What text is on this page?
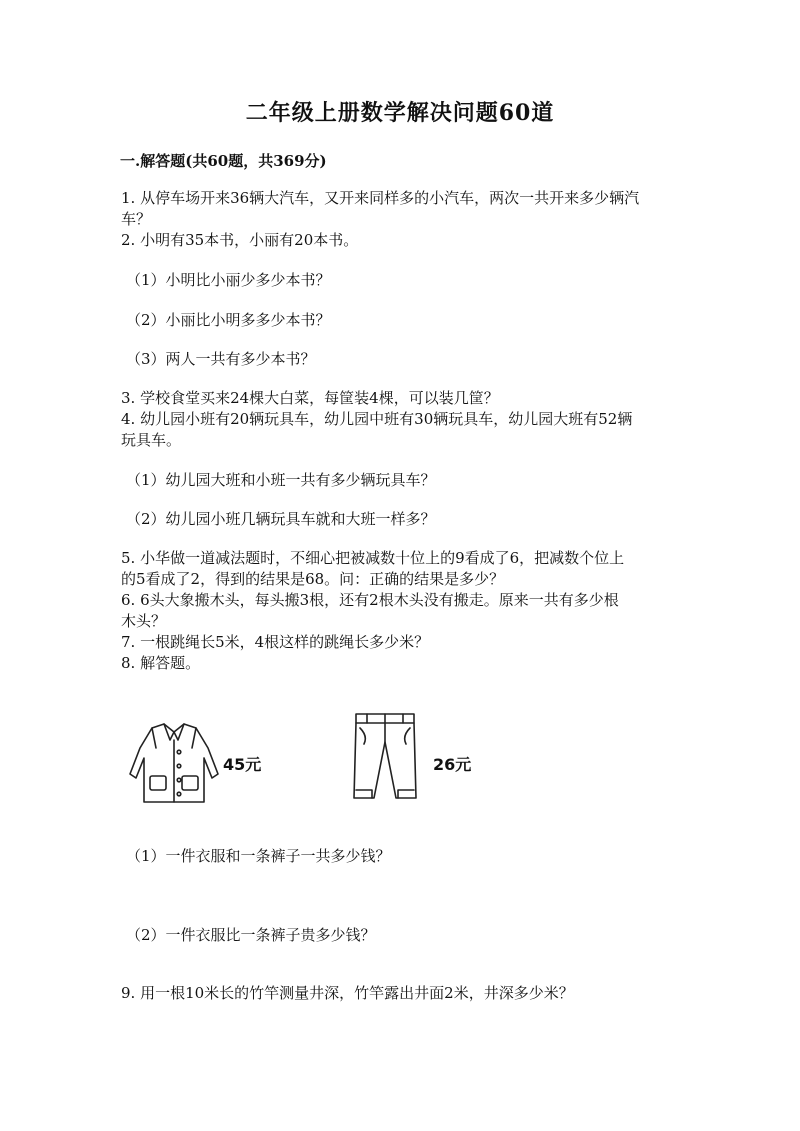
二年级上册数学解决问题60道
一.解答题(共60题，共369分)
1. 从停车场开来36辆大汽车，又开来同样多的小汽车，两次一共开来多少辆汽
车？
2. 小明有35本书，小丽有20本书。
（1）小明比小丽少多少本书？
（2）小丽比小明多多少本书？
（3）两人一共有多少本书？
3. 学校食堂买来24棵大白菜，每筐装4棵，可以装几筐？
4. 幼儿园小班有20辆玩具车，幼儿园中班有30辆玩具车，幼儿园大班有52辆
玩具车。
（1）幼儿园大班和小班一共有多少辆玩具车？
（2）幼儿园小班几辆玩具车就和大班一样多？
5. 小华做一道减法题时，不细心把被减数十位上的9看成了6，把减数个位上
的5看成了2，得到的结果是68。问：正确的结果是多少？
6. 6头大象搬木头，每头搬3根，还有2根木头没有搬走。原来一共有多少根
木头？
7. 一根跳绳长5米，4根这样的跳绳长多少米？
8. 解答题。
45元	26元
（1）一件衣服和一条裤子一共多少钱？
（2）一件衣服比一条裤子贵多少钱？
9. 用一根10米长的竹竿测量井深，竹竿露出井面2米，井深多少米？
